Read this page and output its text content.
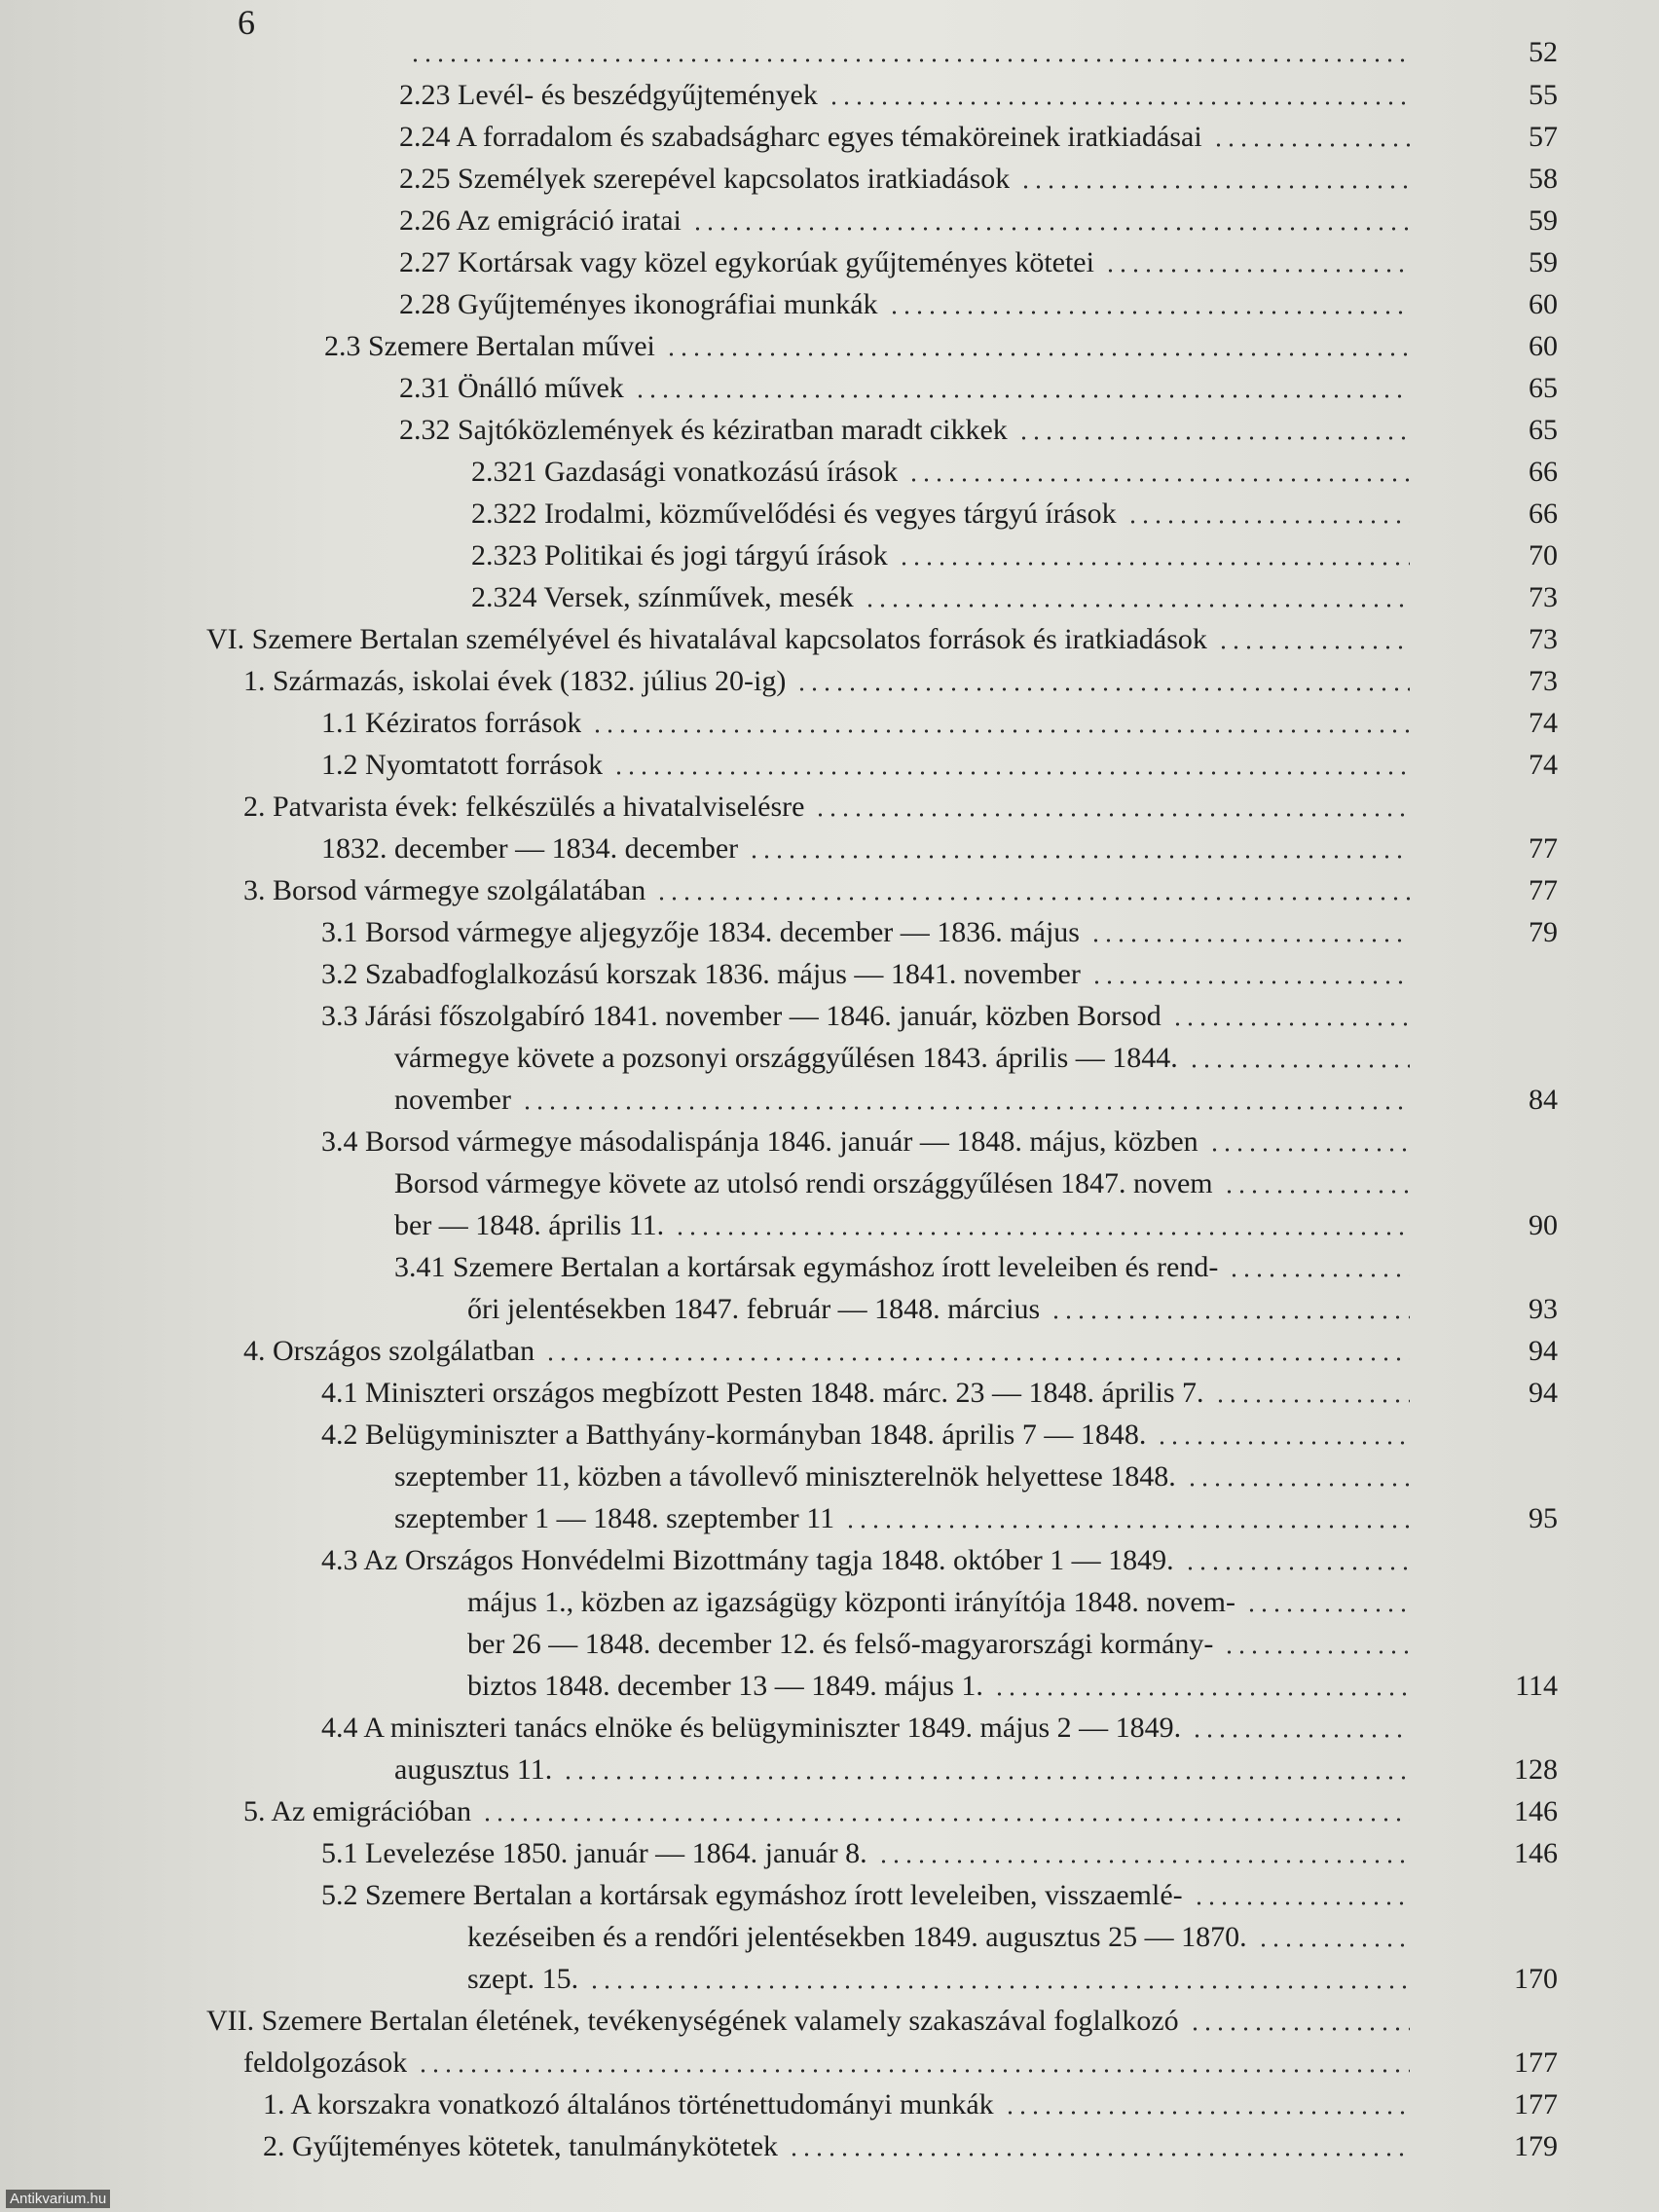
6
52
2.23 Levél- és beszédgyűjtemények	55
2.24 A forradalom és szabadságharc egyes témaköreinek iratkiadásai	57
2.25 Személyek szerepével kapcsolatos iratkiadások	58
2.26 Az emigráció iratai	59
2.27 Kortársak vagy közel egykorúak gyűjteményes kötetei	59
2.28 Gyűjteményes ikonográfiai munkák	60
2.3 Szemere Bertalan művei	60
2.31 Önálló művek	65
2.32 Sajtóközlemények és kéziratban maradt cikkek	65
2.321 Gazdasági vonatkozású írások	66
2.322 Irodalmi, közművelődési és vegyes tárgyú írások	66
2.323 Politikai és jogi tárgyú írások	70
2.324 Versek, színművek, mesék	73
VI. Szemere Bertalan személyével és hivatalával kapcsolatos források és iratkiadások	73
1. Származás, iskolai évek (1832. július 20-ig)	73
1.1 Kéziratos források	74
1.2 Nyomtatott források	74
2. Patvarista évek: felkészülés a hivatalviselésre
1832. december — 1834. december	77
3. Borsod vármegye szolgálatában	77
3.1 Borsod vármegye aljegyzője 1834. december — 1836. május	79
3.2 Szabadfoglalkozású korszak 1836. május — 1841. november
3.3 Járási főszolgabíró 1841. november — 1846. január, közben Borsod
vármegye követe a pozsonyi országgyűlésen 1843. április — 1844.
november	84
3.4 Borsod vármegye másodalispánja 1846. január — 1848. május, közben
Borsod vármegye követe az utolsó rendi országgyűlésen 1847. novem
ber — 1848. április 11.	90
3.41 Szemere Bertalan a kortársak egymáshoz írott leveleiben és rend-
őri jelentésekben 1847. február — 1848. március	93
4. Országos szolgálatban	94
4.1 Miniszteri országos megbízott Pesten 1848. márc. 23 — 1848. április 7.	94
4.2 Belügyminiszter a Batthyány-kormányban 1848. április 7 — 1848.
szeptember 11, közben a távollevő miniszterelnök helyettese 1848.
szeptember 1 — 1848. szeptember 11	95
4.3 Az Országos Honvédelmi Bizottmány tagja 1848. október 1 — 1849.
május 1., közben az igazságügy központi irányítója 1848. novem-
ber 26 — 1848. december 12. és felső-magyarországi kormány-
biztos 1848. december 13 — 1849. május 1.	114
4.4 A miniszteri tanács elnöke és belügyminiszter 1849. május 2 — 1849.
augusztus 11.	128
5. Az emigrációban	146
5.1 Levelezése 1850. január — 1864. január 8.	146
5.2 Szemere Bertalan a kortársak egymáshoz írott leveleiben, visszaemlé-
kezéseiben és a rendőri jelentésekben 1849. augusztus 25 — 1870.
szept. 15.	170
VII. Szemere Bertalan életének, tevékenységének valamely szakaszával foglalkozó
feldolgozások	177
1. A korszakra vonatkozó általános történettudományi munkák	177
2. Gyűjteményes kötetek, tanulmánykötetek	179
Antikvarium.hu
